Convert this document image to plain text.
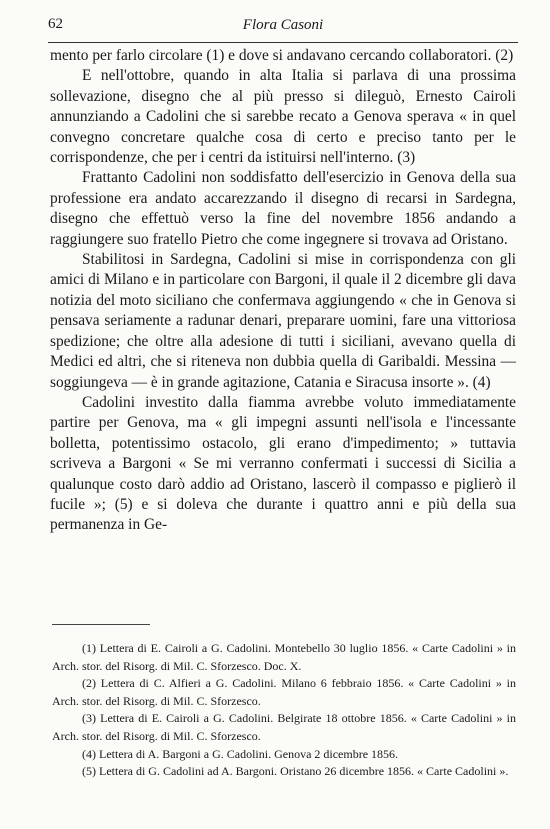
62	Flora Casoni

mento per farlo circolare (1) e dove si andavano cercando collaboratori. (2)

E nell'ottobre, quando in alta Italia si parlava di una prossima sollevazione, disegno che al più presso si dileguò, Ernesto Cairoli annunziando a Cadolini che si sarebbe recato a Genova sperava « in quel convegno concretare qualche cosa di certo e preciso tanto per le corrispondenze, che per i centri da istituirsi nell'interno. (3)

Frattanto Cadolini non soddisfatto dell'esercizio in Genova della sua professione era andato accarezzando il disegno di recarsi in Sardegna, disegno che effettuò verso la fine del novembre 1856 andando a raggiungere suo fratello Pietro che come ingegnere si trovava ad Oristano.

Stabilitosi in Sardegna, Cadolini si mise in corrispondenza con gli amici di Milano e in particolare con Bargoni, il quale il 2 dicembre gli dava notizia del moto siciliano che confermava aggiungendo « che in Genova si pensava seriamente a radunar denari, preparare uomini, fare una vittoriosa spedizione; che oltre alla adesione di tutti i siciliani, avevano quella di Medici ed altri, che si riteneva non dubbia quella di Garibaldi. Messina — soggiungeva — è in grande agitazione, Catania e Siracusa insorte ». (4)

Cadolini investito dalla fiamma avrebbe voluto immediatamente partire per Genova, ma « gli impegni assunti nell'isola e l'incessante bolletta, potentissimo ostacolo, gli erano d'impedimento; » tuttavia scriveva a Bargoni « Se mi verranno confermati i successi di Sicilia a qualunque costo darò addio ad Oristano, lascerò il compasso e piglierò il fucile »; (5) e si doleva che durante i quattro anni e più della sua permanenza in Ge-

(1) Lettera di E. Cairoli a G. Cadolini. Montebello 30 luglio 1856. « Carte Cadolini » in Arch. stor. del Risorg. di Mil. C. Sforzesco. Doc. X.

(2) Lettera di C. Alfieri a G. Cadolini. Milano 6 febbraio 1856. « Carte Cadolini » in Arch. stor. del Risorg. di Mil. C. Sforzesco.

(3) Lettera di E. Cairoli a G. Cadolini. Belgirate 18 ottobre 1856. « Carte Cadolini » in Arch. stor. del Risorg. di Mil. C. Sforzesco.

(4) Lettera di A. Bargoni a G. Cadolini. Genova 2 dicembre 1856.

(5) Lettera di G. Cadolini ad A. Bargoni. Oristano 26 dicembre 1856. « Carte Cadolini ».
